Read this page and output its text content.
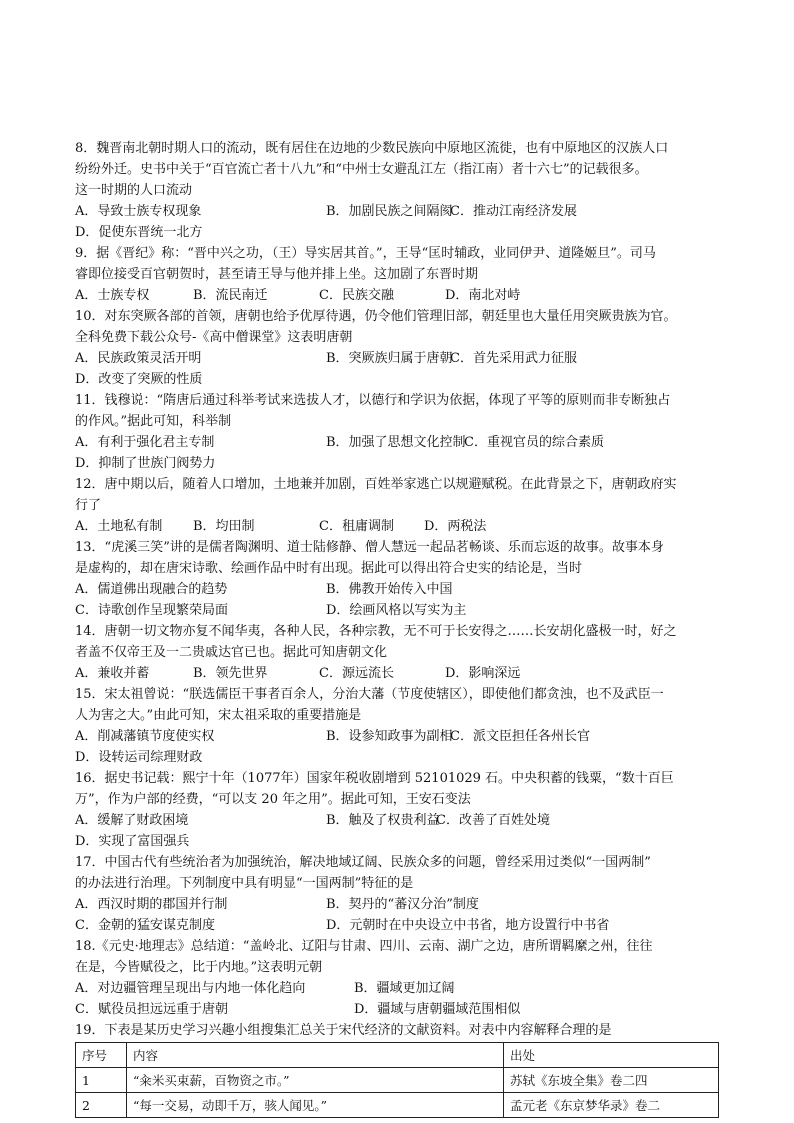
8．魏晋南北朝时期人口的流动，既有居住在边地的少数民族向中原地区流徙，也有中原地区的汉族人口
纷纷外迁。史书中关于“百官流亡者十八九”和“中州士女避乱江左（指江南）者十六七”的记载很多。
这一时期的人口流动
A．导致士族专权现象	B．加剧民族之间隔阂
C．推动江南经济发展
D．促使东晋统一北方
9．据《晋纪》称：“晋中兴之功，（王）导实居其首。”，王导“匡时辅政，业同伊尹、道隆姬旦”。司马
睿即位接受百官朝贺时，甚至请王导与他并排上坐。这加剧了东晋时期
A．士族专权	B．流民南迁	C．民族交融	D．南北对峙
10．对东突厥各部的首领，唐朝也给予优厚待遇，仍令他们管理旧部，朝廷里也大量任用突厥贵族为官。
全科免费下载公众号-《高中僧课堂》这表明唐朝
A．民族政策灵活开明	B．突厥族归属于唐朝
C．首先采用武力征服
D．改变了突厥的性质
11．钱穆说：“隋唐后通过科举考试来选拔人才，以德行和学识为依据，体现了平等的原则而非专断独占
的作风。”据此可知，科举制
A．有利于强化君主专制	B．加强了思想文化控制
C．重视官员的综合素质
D．抑制了世族门阀势力
12．唐中期以后，随着人口增加，土地兼并加剧，百姓举家逃亡以规避赋税。在此背景之下，唐朝政府实
行了
A．土地私有制 B．均田制	C．租庸调制 D．两税法
13．“虎溪三笑”讲的是儒者陶渊明、道士陆修静、僧人慧远一起品茗畅谈、乐而忘返的故事。故事本身
是虚构的，却在唐宋诗歌、绘画作品中时有出现。据此可以得出符合史实的结论是，当时
A．儒道佛出现融合的趋势	B．佛教开始传入中国
C．诗歌创作呈现繁荣局面	D．绘画风格以写实为主
14．唐朝一切文物亦复不闻华夷，各种人民，各种宗教，无不可于长安得之……长安胡化盛极一时，好之
者盖不仅帝王及一二贵戚达官已也。据此可知唐朝文化
A．兼收并蓄	B．领先世界	C．源远流长	D．影响深远
15．宋太祖曾说：“朕选儒臣干事者百余人，分治大藩（节度使辖区），即使他们都贪浊，也不及武臣一
人为害之大。”由此可知，宋太祖采取的重要措施是
A．削减藩镇节度使实权	B．设参知政事为副相
C．派文臣担任各州长官
D．设转运司综理财政
16．据史书记载：熙宁十年（1077年）国家年税收剧增到 52101029 石。中央积蓄的钱粟，“数十百巨
万”，作为户部的经费，“可以支 20 年之用”。据此可知，王安石变法
A．缓解了财政困境	B．触及了权贵利益
C．改善了百姓处境
D．实现了富国强兵
17．中国古代有些统治者为加强统治，解决地域辽阔、民族众多的问题，曾经采用过类似“一国两制”
的办法进行治理。下列制度中具有明显“一国两制”特征的是
A．西汉时期的郡国并行制	B．契丹的“蕃汉分治”制度
C．金朝的猛安谋克制度	D．元朝时在中央设立中书省，地方设置行中书省
18.《元史·地理志》总结道：“盖岭北、辽阳与甘肃、四川、云南、湖广之边，唐所谓羁縻之州，往往
在是，今皆赋役之，比于内地。”这表明元朝
A．对边疆管理呈现出与内地一体化趋向	B．疆域更加辽阔
C．赋役员担远远重于唐朝	D．疆域与唐朝疆域范围相似
19．下表是某历史学习兴趣小组搜集汇总关于宋代经济的文献资料。对表中内容解释合理的是
序号	内容	出处
1	“籴米买束薪，百物资之市。”	苏轼《东坡全集》卷二四
2	“每一交易，动即千万，骇人闻见。”	孟元老《东京梦华录》卷二
